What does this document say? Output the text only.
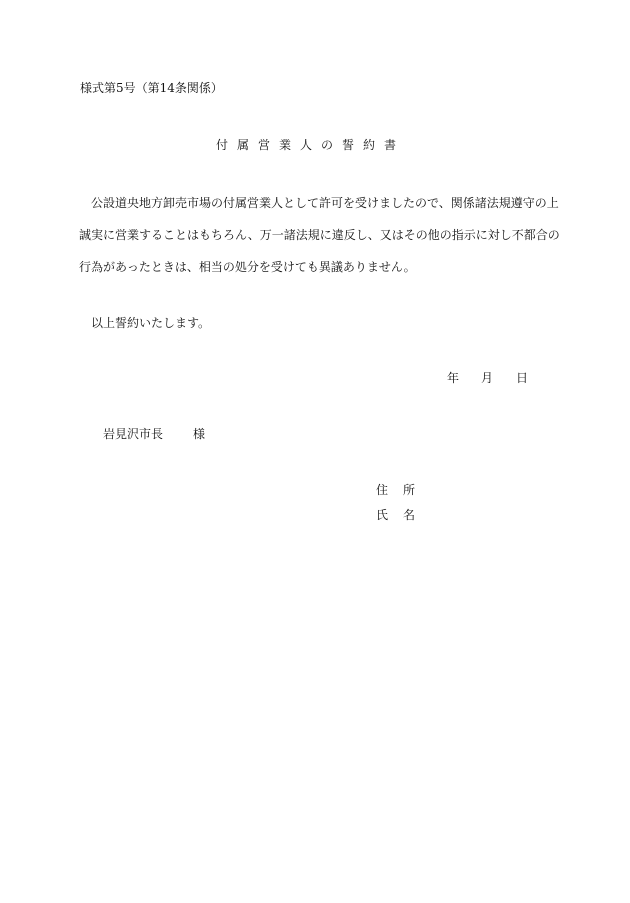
様式第5号（第14条関係）
付属営業人の誓約書
公設道央地方卸売市場の付属営業人として許可を受けましたので、関係諸法規遵守の上
誠実に営業することはもちろん、万一諸法規に違反し、又はその他の指示に対し不都合の
行為があったときは、相当の処分を受けても異議ありません。
以上誓約いたします。
年 月 日
岩見沢市長	様
住 所
氏 名
